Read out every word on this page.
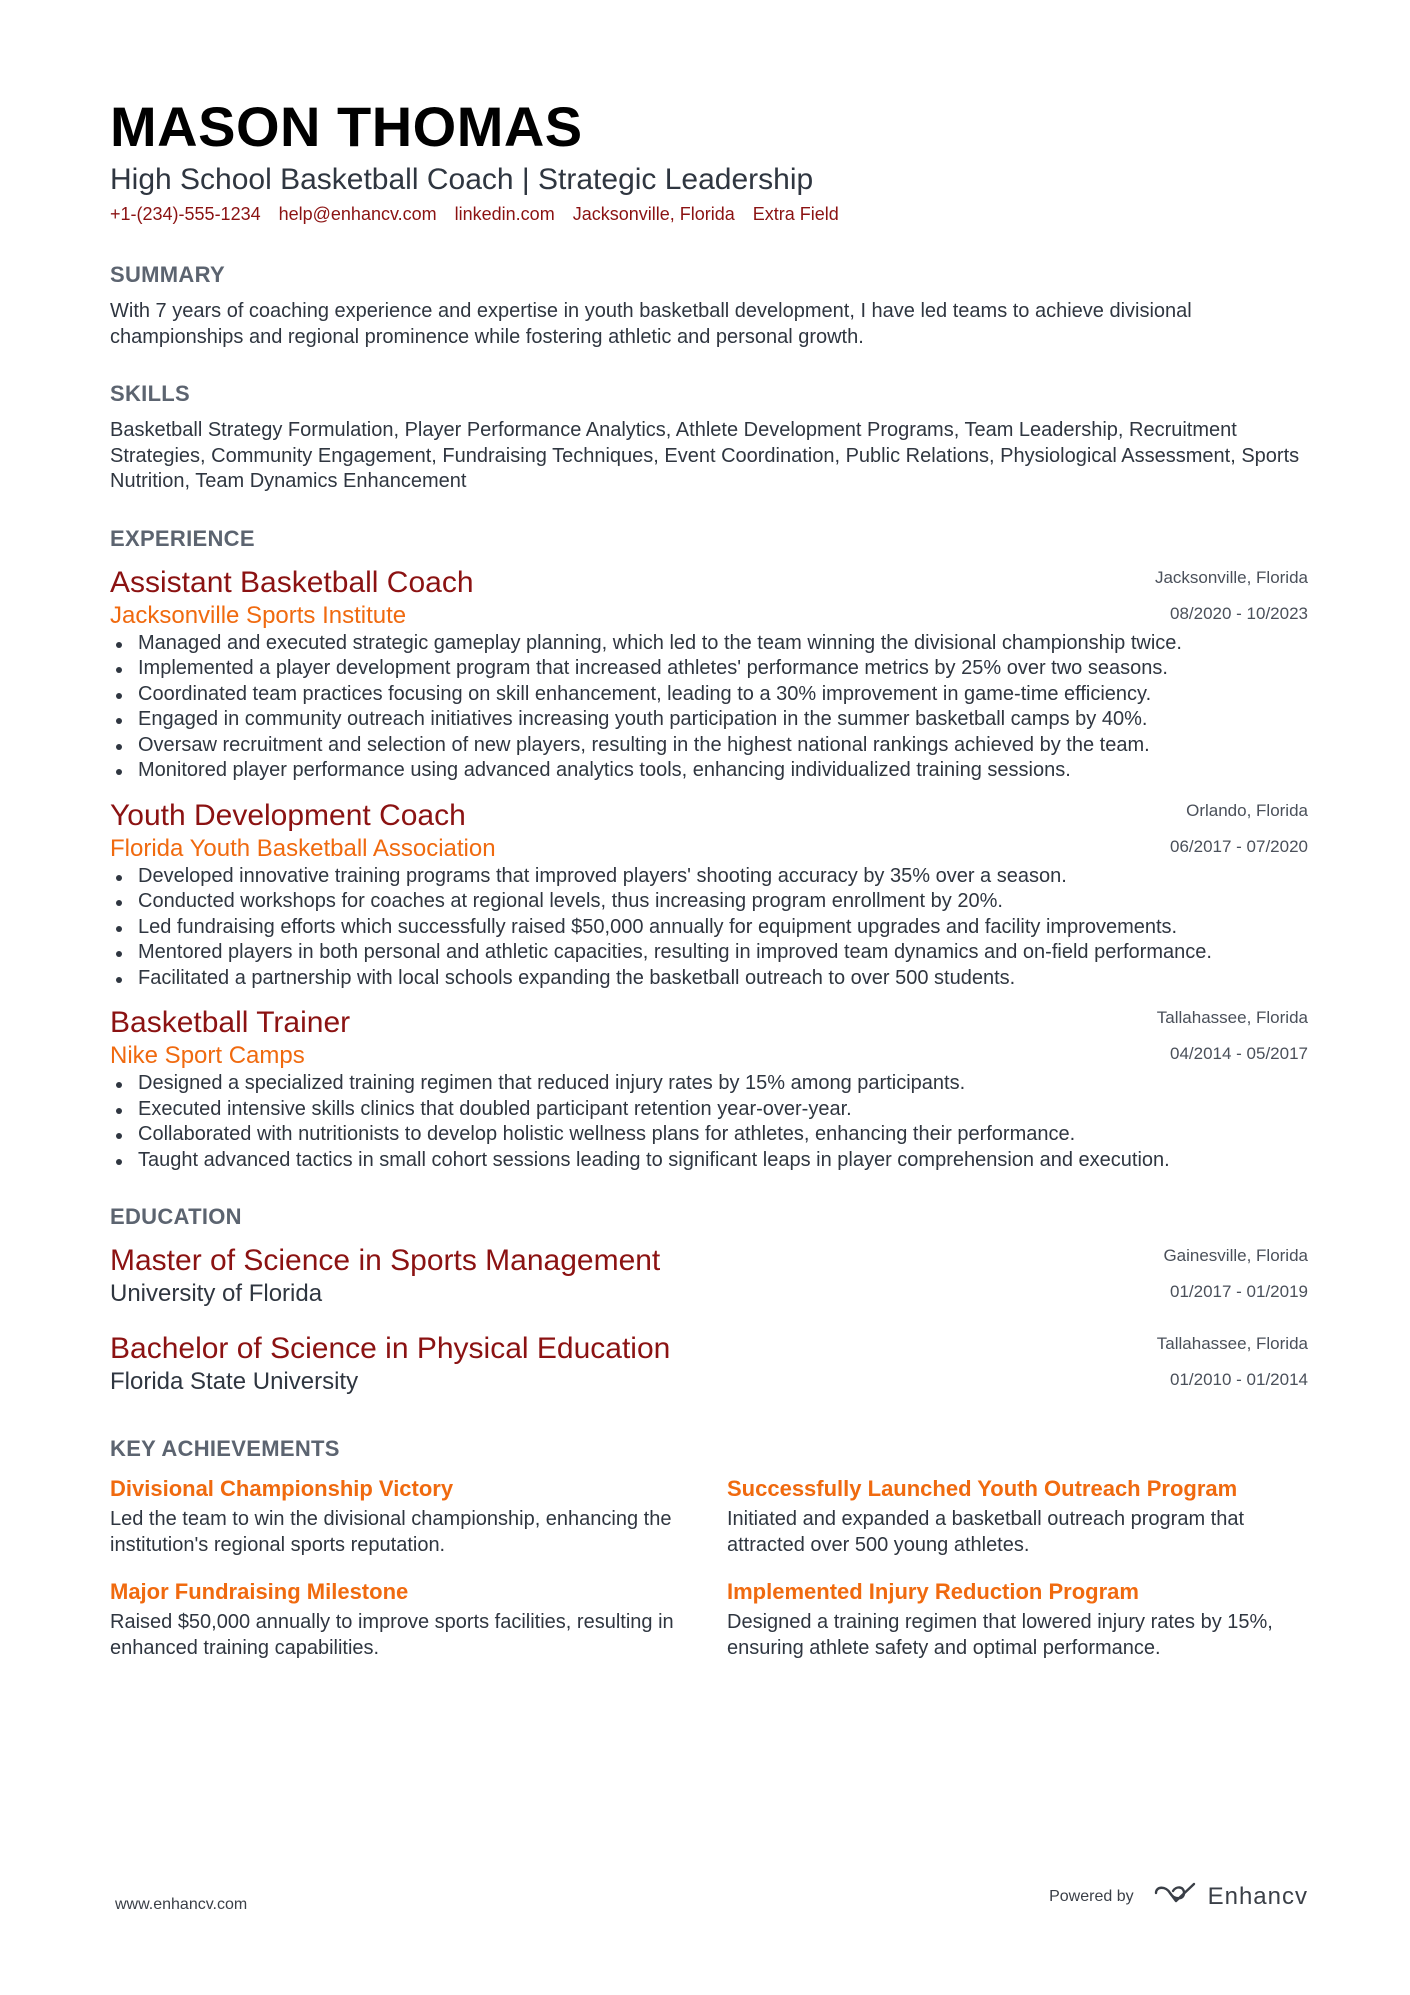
MASON THOMAS
High School Basketball Coach | Strategic Leadership
+1-(234)-555-1234 help@enhancv.com linkedin.com Jacksonville, Florida Extra Field
SUMMARY
With 7 years of coaching experience and expertise in youth basketball development, I have led teams to achieve divisional championships and regional prominence while fostering athletic and personal growth.
SKILLS
Basketball Strategy Formulation, Player Performance Analytics, Athlete Development Programs, Team Leadership, Recruitment Strategies, Community Engagement, Fundraising Techniques, Event Coordination, Public Relations, Physiological Assessment, Sports Nutrition, Team Dynamics Enhancement
EXPERIENCE
Assistant Basketball Coach
Jacksonville Sports Institute
Jacksonville, Florida
08/2020 - 10/2023
Managed and executed strategic gameplay planning, which led to the team winning the divisional championship twice.
Implemented a player development program that increased athletes' performance metrics by 25% over two seasons.
Coordinated team practices focusing on skill enhancement, leading to a 30% improvement in game-time efficiency.
Engaged in community outreach initiatives increasing youth participation in the summer basketball camps by 40%.
Oversaw recruitment and selection of new players, resulting in the highest national rankings achieved by the team.
Monitored player performance using advanced analytics tools, enhancing individualized training sessions.
Youth Development Coach
Florida Youth Basketball Association
Orlando, Florida
06/2017 - 07/2020
Developed innovative training programs that improved players' shooting accuracy by 35% over a season.
Conducted workshops for coaches at regional levels, thus increasing program enrollment by 20%.
Led fundraising efforts which successfully raised $50,000 annually for equipment upgrades and facility improvements.
Mentored players in both personal and athletic capacities, resulting in improved team dynamics and on-field performance.
Facilitated a partnership with local schools expanding the basketball outreach to over 500 students.
Basketball Trainer
Nike Sport Camps
Tallahassee, Florida
04/2014 - 05/2017
Designed a specialized training regimen that reduced injury rates by 15% among participants.
Executed intensive skills clinics that doubled participant retention year-over-year.
Collaborated with nutritionists to develop holistic wellness plans for athletes, enhancing their performance.
Taught advanced tactics in small cohort sessions leading to significant leaps in player comprehension and execution.
EDUCATION
Master of Science in Sports Management
University of Florida
Gainesville, Florida
01/2017 - 01/2019
Bachelor of Science in Physical Education
Florida State University
Tallahassee, Florida
01/2010 - 01/2014
KEY ACHIEVEMENTS
Divisional Championship Victory
Led the team to win the divisional championship, enhancing the institution's regional sports reputation.
Successfully Launched Youth Outreach Program
Initiated and expanded a basketball outreach program that attracted over 500 young athletes.
Major Fundraising Milestone
Raised $50,000 annually to improve sports facilities, resulting in enhanced training capabilities.
Implemented Injury Reduction Program
Designed a training regimen that lowered injury rates by 15%, ensuring athlete safety and optimal performance.
www.enhancv.com	Powered by	Enhancv
